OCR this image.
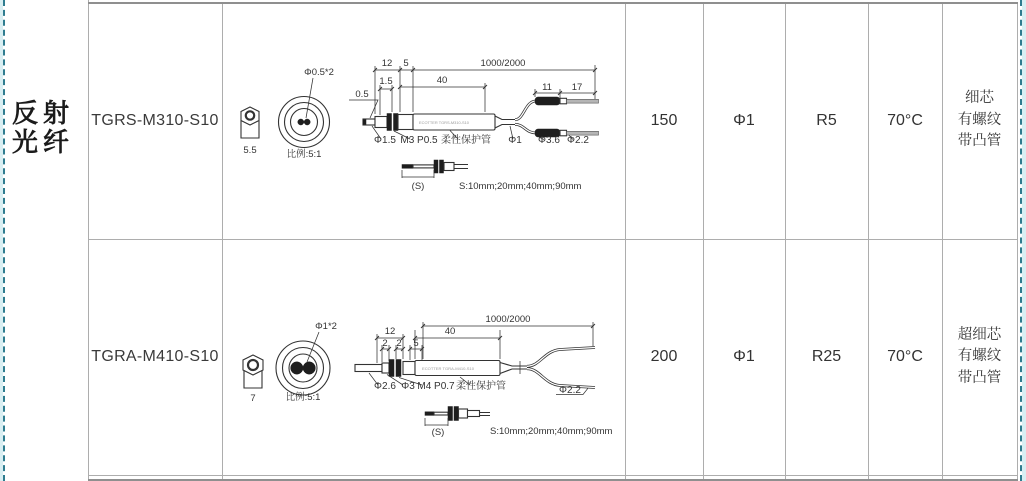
反射
光纤
TGRS-M310-S10	150	Φ1	R5	70°C
细芯
有螺纹
带凸管
5.5
Φ0.5*2
比例:5:1
12 5	1000/2000
1.5	40
11 17
0.5
ECOTTER TGRS-M310-S10
Φ1.5 M3 P0.5 柔性保护管 Φ1 Φ3.6 Φ2.2
(S)	S:10mm;20mm;40mm;90mm
TGRA-M410-S10	200	Φ1	R25	70°C
超细芯
有螺纹
带凸管
7
Φ1*2
比例:5:1
12
2 2 5
40
1000/2000
ECOTTER TGRA-M410-S10
Φ2.6 Φ3 M4 P0.7 柔性保护管	Φ2.2
(S)	S:10mm;20mm;40mm;90mm
